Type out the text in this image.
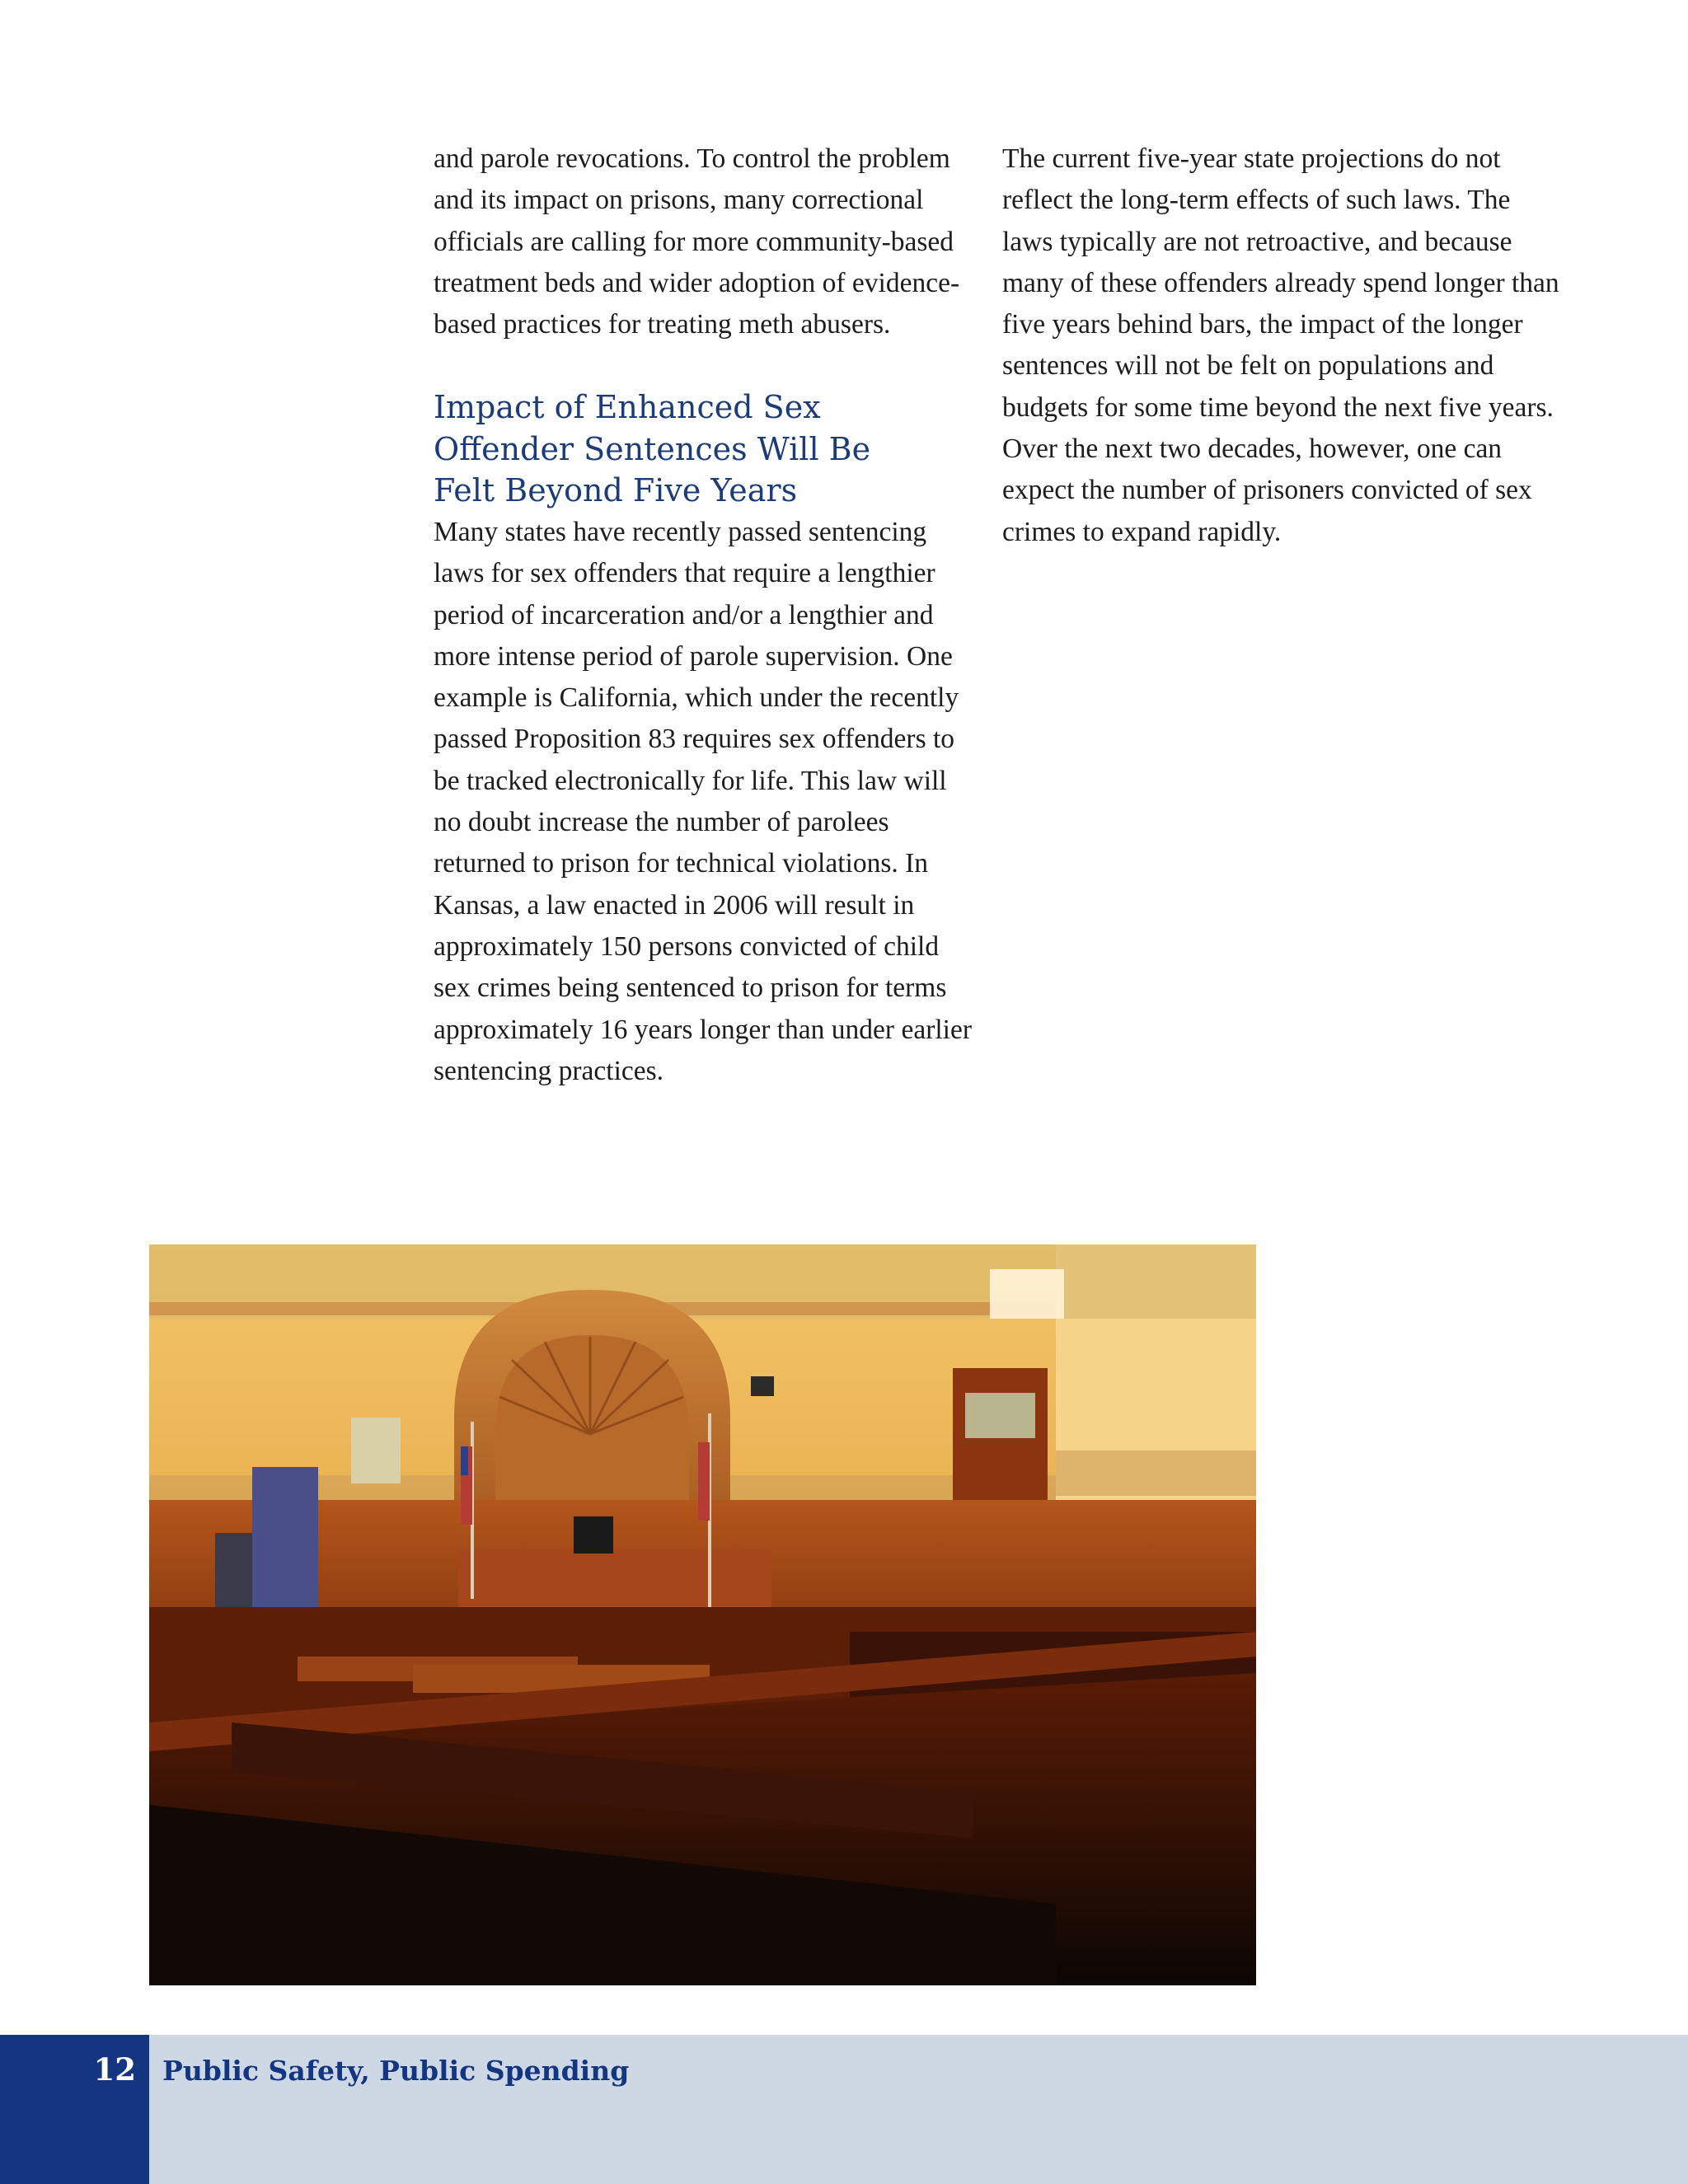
and parole revocations. To control the problem and its impact on prisons, many correctional officials are calling for more community-based treatment beds and wider adoption of evidence-based practices for treating meth abusers.

Impact of Enhanced Sex
Offender Sentences Will Be
Felt Beyond Five Years

Many states have recently passed sentencing laws for sex offenders that require a lengthier period of incarceration and/or a lengthier and more intense period of parole supervision. One example is California, which under the recently passed Proposition 83 requires sex offenders to be tracked electronically for life. This law will no doubt increase the number of parolees returned to prison for technical violations. In Kansas, a law enacted in 2006 will result in approximately 150 persons convicted of child sex crimes being sentenced to prison for terms approximately 16 years longer than under earlier sentencing practices.

The current five-year state projections do not reflect the long-term effects of such laws. The laws typically are not retroactive, and because many of these offenders already spend longer than five years behind bars, the impact of the longer sentences will not be felt on populations and budgets for some time beyond the next five years. Over the next two decades, however, one can expect the number of prisoners convicted of sex crimes to expand rapidly.

12 Public Safety, Public Spending
